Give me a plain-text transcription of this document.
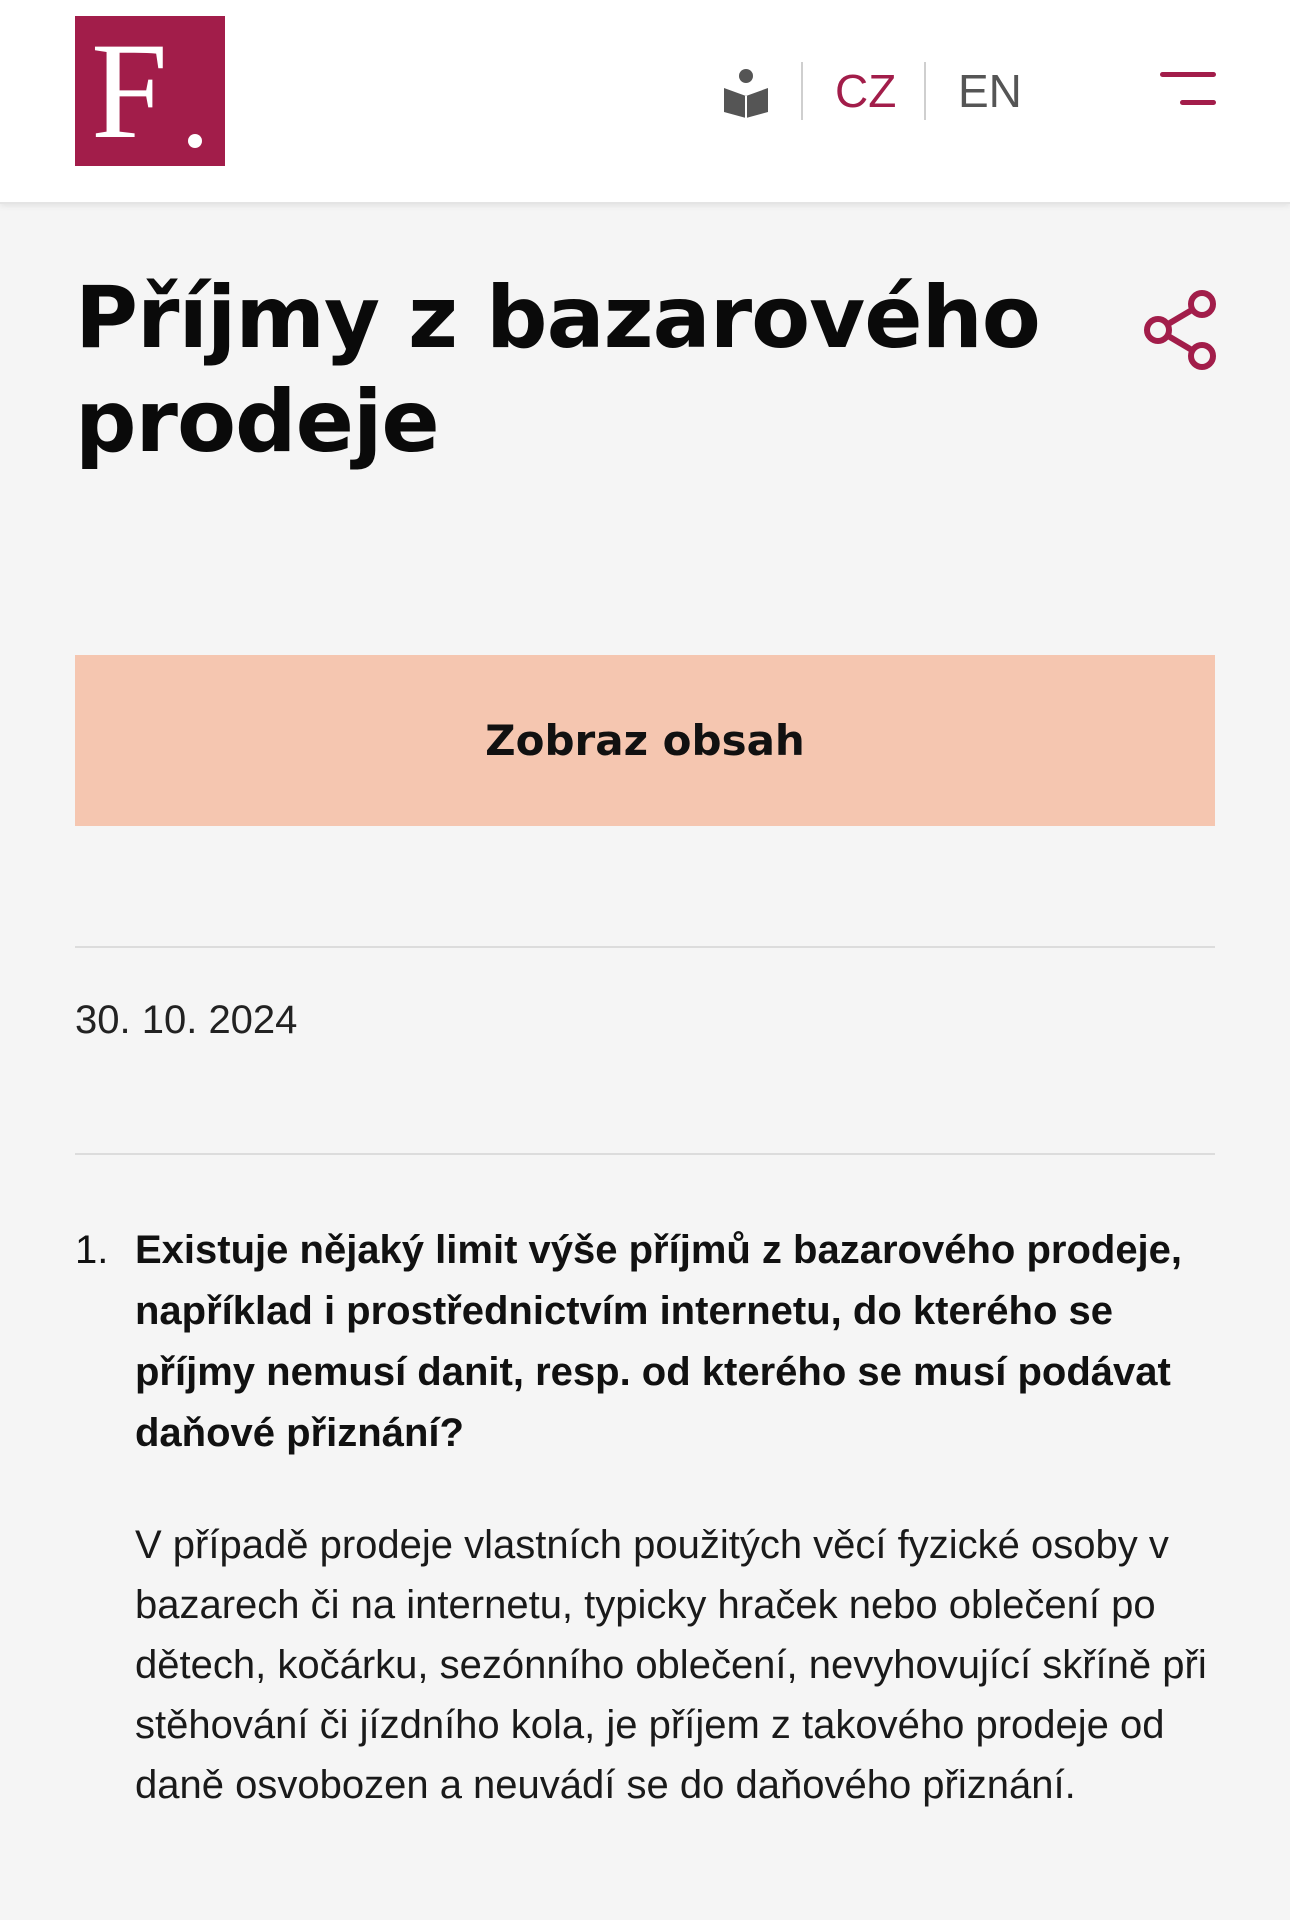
F	CZ EN
Příjmy z bazarového prodeje
Zobraz obsah
30. 10. 2024
1. Existuje nějaký limit výše příjmů z bazarového prodeje, například i prostřednictvím internetu, do kterého se příjmy nemusí danit, resp. od kterého se musí podávat daňové přiznání?

V případě prodeje vlastních použitých věcí fyzické osoby v bazarech či na internetu, typicky hraček nebo oblečení po dětech, kočárku, sezónního oblečení, nevyhovující skříně při stěhování či jízdního kola, je příjem z takového prodeje od daně osvobozen a neuvádí se do daňového přiznání.
